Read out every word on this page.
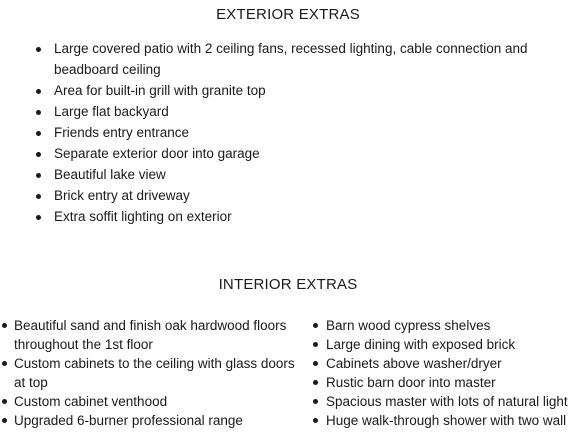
EXTERIOR EXTRAS
Large covered patio with 2 ceiling fans, recessed lighting, cable connection and beadboard ceiling
Area for built-in grill with granite top
Large flat backyard
Friends entry entrance
Separate exterior door into garage
Beautiful lake view
Brick entry at driveway
Extra soffit lighting on exterior
INTERIOR EXTRAS
Beautiful sand and finish oak hardwood floors throughout the 1st floor
Custom cabinets to the ceiling with glass doors at top
Custom cabinet venthood
Upgraded 6-burner professional range
Barn wood cypress shelves
Large dining with exposed brick
Cabinets above washer/dryer
Rustic barn door into master
Spacious master with lots of natural light
Huge walk-through shower with two wall
